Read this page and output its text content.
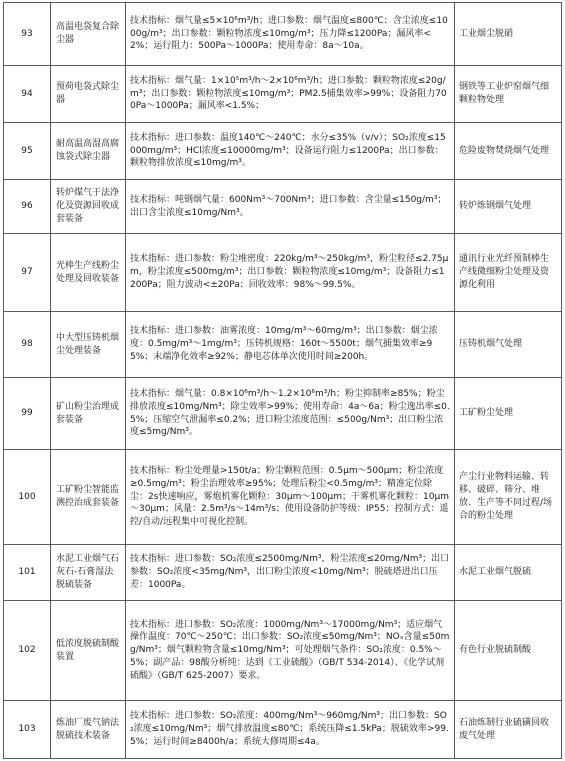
93	高温电袋复合除尘器	技术指标：烟气量≤5×10⁶m³/h；进口参数：烟气温度≤800℃；含尘浓度≤1000g/m³；出口参数：颗粒物浓度≤10mg/m³；压力降≤1200Pa；漏风率<2%；运行阻力：500Pa～1000Pa；使用寿命：8a～10a。	工业烟尘脱硝
94	预荷电袋式除尘器	技术指标：烟气量：1×10⁵m³/h～2×10⁶m³/h；进口参数：颗粒物浓度≤20g/m³；出口参数：颗粒物浓度≤10mg/m³；PM2.5捕集效率>99%；设备阻力700Pa～1000Pa；漏风率<1.5%；	钢铁等工业炉窑烟气细颗粒物处理
95	耐高温高湿高腐蚀袋式除尘器	技术指标：进口参数：温度140℃～240℃；水分≤35%（v/v）；SO₂浓度≤15000mg/m³；HCl浓度≤10000mg/m³；设备运行阻力≤1200Pa；出口参数：颗粒物排放浓度≤10mg/m³。	危险废物焚烧烟气处理
96	转炉煤气干法净化及资源回收成套装备	技术指标：吨钢烟气量：600Nm³～700Nm³；进口参数：含尘量≤150g/m³；出口含尘浓度≤10mg/Nm³。	转炉炼钢烟气处理
97	光棒生产线粉尘处理及回收装备	技术指标：进口参数：粉尘堆密度：220kg/m³～250kg/m³，粉尘粒径≤2.75μm，粉尘浓度≤500mg/m³；出口参数：颗粒物浓度≤10mg/m³；设备阻力≤1200Pa；阻力波动<±20Pa；回收效率：98%～99.5%。	通讯行业光纤预制棒生产线微细粉尘处理及资源化利用
98	中大型压铸机烟尘处理装备	技术指标：进口参数：油雾浓度：10mg/m³～60mg/m³；出口参数：烟尘浓度：0.5mg/m³～1mg/m³；压铸机规格：160t～5500t；烟气捕集效率≥95%；末端净化效率≥92%；静电芯体单次使用时间≥200h。	压铸机烟气处理
99	矿山粉尘治理成套装备	技术指标：烟气量：0.8×10⁶m³/h～1.2×10⁶m³/h；粉尘抑制率≥85%；粉尘排放浓度≤10mg/Nm³；除尘效率>99%；使用寿命：4a～6a；粉尘逸出率≤0.5%；压缩空气泄漏率≤0.2%；进口粉尘浓度范围：≤500g/Nm³；出口粉尘浓度≤5mg/Nm³。	工矿粉尘处理
100	工矿粉尘智能监测控治成套装备	技术指标：粉尘处理量>150t/a；粉尘颗粒范围：0.5μm～500μm；粉尘浓度≥0.5mg/m³；粉尘治理效率≥95%；处理后粉尘<0.5mg/m³；精准定位除尘：2s快速响应，雾炮机雾化颗粒：30μm～100μm；干雾机雾化颗粒：10μm～30μm；风量：2.5m³/s～14m³/s；使用设备防护等级：IP55；控制方式：遥控/自动/远程集中可视化控制。	产尘行业物料运输、转移、破碎、筛分、堆放、生产等不同过程/场合的粉尘处理
101	水泥工业烟气石灰石-石膏湿法脱硫装备	技术指标：进口参数：SO₂浓度≤2500mg/Nm³，粉尘浓度≤20mg/Nm³；出口参数：SO₂浓度<35mg/Nm³，出口粉尘浓度<10mg/Nm³；脱硫塔进出口压差：1000Pa。	水泥工业烟气脱硫
102	低浓度脱硫制酸装置	技术指标：进口参数：SO₂浓度：1000mg/Nm³～17000mg/Nm³；适应烟气操作温度：70℃～250℃；出口参数：SO₂浓度≤50mg/Nm³；NOₓ含量≤50mg/Nm³；烟气颗粒物含量≤10mg/Nm³；可处理烟气条件：SO₂浓度：0.5%～5%；副产品：98酸分析纯：达到《工业硫酸》（GB/T 534-2014）、《化学试剂硫酸》（GB/T 625-2007）要求。	有色行业脱硫制酸
103	炼油厂废气钠法脱硫技术装备	技术指标：进口参数：SO₂浓度：400mg/Nm³～960mg/Nm³；出口参数：SO₂浓度≤10mg/Nm³；烟气排放温度≤80℃；系统压降≤1.5kPa；脱硫效率>99.5%；运行时间≥8400h/a；系统大修周期≤4a。	石油炼制行业硫磺回收废气处理
